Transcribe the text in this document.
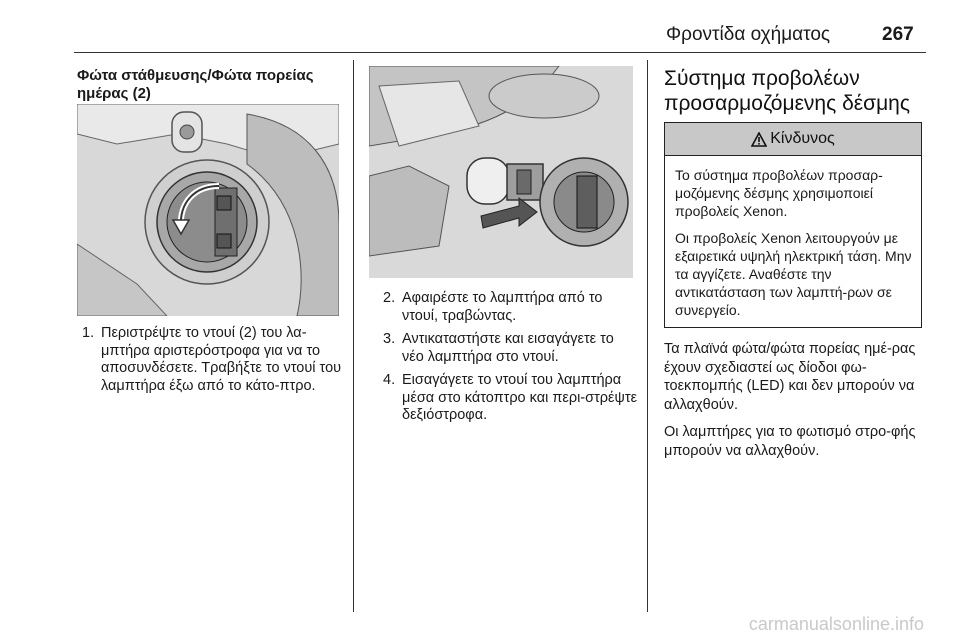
Φροντίδα οχήματος	267
Φώτα στάθμευσης/Φώτα πορείας ημέρας (2)
1. Περιστρέψτε το ντουί (2) του λα-μπτήρα αριστερόστροφα για να το αποσυνδέσετε. Τραβήξτε το ντουί του λαμπτήρα έξω από το κάτο-πτρο.
2. Αφαιρέστε το λαμπτήρα από το ντουί, τραβώντας.
3. Αντικαταστήστε και εισαγάγετε το νέο λαμπτήρα στο ντουί.
4. Εισαγάγετε το ντουί του λαμπτήρα μέσα στο κάτοπτρο και περι-στρέψτε δεξιόστροφα.
Σύστημα προβολέων προσαρμοζόμενης δέσμης
Κίνδυνος

Το σύστημα προβολέων προσαρ-μοζόμενης δέσμης χρησιμοποιεί προβολείς Xenon.

Οι προβολείς Xenon λειτουργούν με εξαιρετικά υψηλή ηλεκτρική τάση. Μην τα αγγίζετε. Αναθέστε την αντικατάσταση των λαμπτή-ρων σε συνεργείο.

Τα πλαϊνά φώτα/φώτα πορείας ημέ-ρας έχουν σχεδιαστεί ως δίοδοι φω-τοεκπομπής (LED) και δεν μπορούν να αλλαχθούν.

Οι λαμπτήρες για το φωτισμό στρο-φής μπορούν να αλλαχθούν.

carmanualsonline.info
